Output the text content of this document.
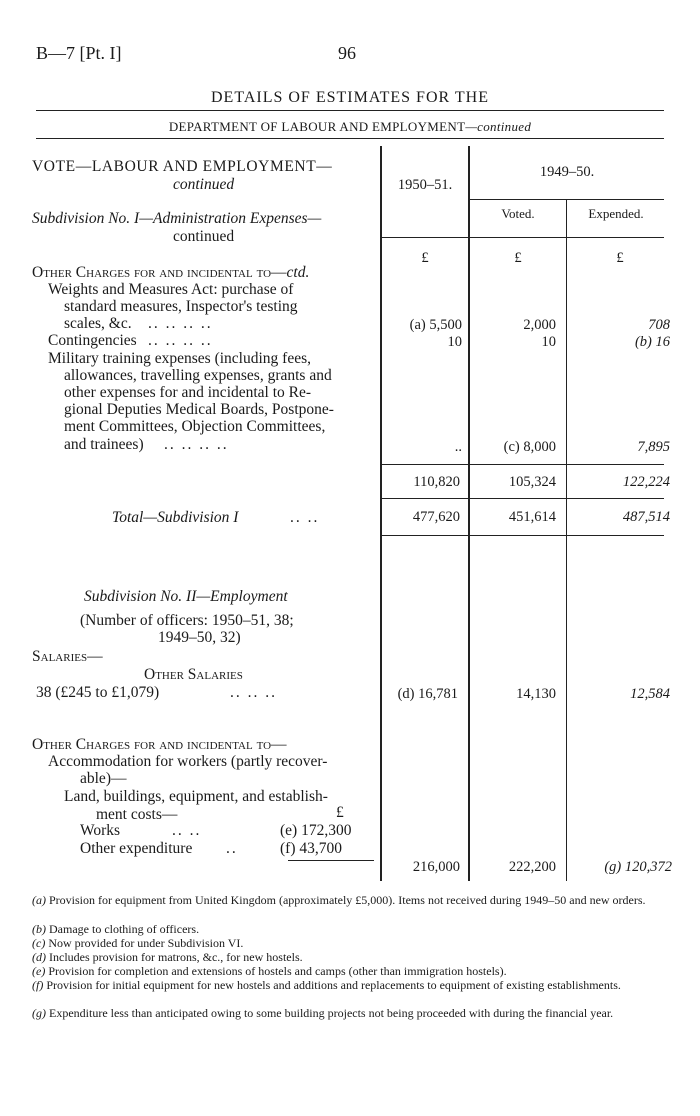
B—7 [Pt. I]	96
DETAILS OF ESTIMATES FOR THE
DEPARTMENT OF LABOUR AND EMPLOYMENT—continued
1950–51.
1949–50.
Voted.	Expended.
£	£	£
VOTE—LABOUR AND EMPLOYMENT—
continued
Subdivision No. I—Administration Expenses—
continued
Other Charges for and incidental to—ctd.
Weights and Measures Act: purchase of
standard measures, Inspector's testing
scales, &c. .. .. .. ..	(a) 5,500	2,000	708
Contingencies .. .. .. ..	10	10	(b) 16
Military training expenses (including fees,
allowances, travelling expenses, grants and
other expenses for and incidental to Re-
gional Deputies Medical Boards, Postpone-
ment Committees, Objection Committees,
and trainees) .. .. .. ..	..	(c) 8,000	7,895
110,820	105,324	122,224
Total—Subdivision I	.. ..	477,620	451,614	487,514
Subdivision No. II—Employment
(Number of officers: 1950–51, 38;
1949–50, 32)
Salaries—
Other Salaries
38 (£245 to £1,079)	.. .. ..	(d) 16,781	14,130	12,584
Other Charges for and incidental to—
Accommodation for workers (partly recover-
able)—
Land, buildings, equipment, and establish-
ment costs—	£
Works	.. ..	(e) 172,300
Other expenditure ..	(f) 43,700
216,000	222,200	(g) 120,372
(a) Provision for equipment from United Kingdom (approximately £5,000). Items not received during 1949–50 and new orders.
(b) Damage to clothing of officers.
(c) Now provided for under Subdivision VI.
(d) Includes provision for matrons, &c., for new hostels.
(e) Provision for completion and extensions of hostels and camps (other than immigration hostels).
(f) Provision for initial equipment for new hostels and additions and replacements to equipment of existing establishments.
(g) Expenditure less than anticipated owing to some building projects not being proceeded with during the financial year.
